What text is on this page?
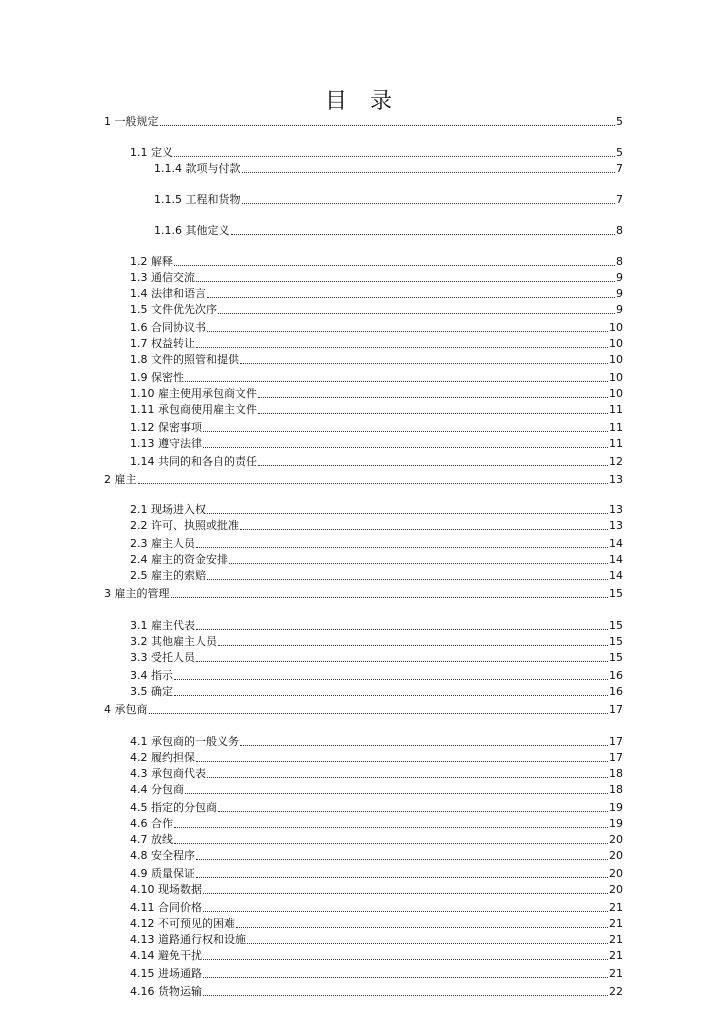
目 录
1 一般规定	5
1.1 定义	5
1.1.4 款项与付款	7
1.1.5 工程和货物	7
1.1.6 其他定义	8
1.2 解释	8
1.3 通信交流	9
1.4 法律和语言	9
1.5 文件优先次序	9
1.6 合同协议书	10
1.7 权益转让	10
1.8 文件的照管和提供	10
1.9 保密性	10
1.10 雇主使用承包商文件	10
1.11 承包商使用雇主文件	11
1.12 保密事项	11
1.13 遵守法律	11
1.14 共同的和各自的责任	12
2 雇主	13
2.1 现场进入权	13
2.2 许可、执照或批准	13
2.3 雇主人员	14
2.4 雇主的资金安排	14
2.5 雇主的索赔	14
3 雇主的管理	15
3.1 雇主代表	15
3.2 其他雇主人员	15
3.3 受托人员	15
3.4 指示	16
3.5 确定	16
4 承包商	17
4.1 承包商的一般义务	17
4.2 履约担保	17
4.3 承包商代表	18
4.4 分包商	18
4.5 指定的分包商	19
4.6 合作	19
4.7 放线	20
4.8 安全程序	20
4.9 质量保证	20
4.10 现场数据	20
4.11 合同价格	21
4.12 不可预见的困难	21
4.13 道路通行权和设施	21
4.14 避免干扰	21
4.15 进场通路	21
4.16 货物运输	22
